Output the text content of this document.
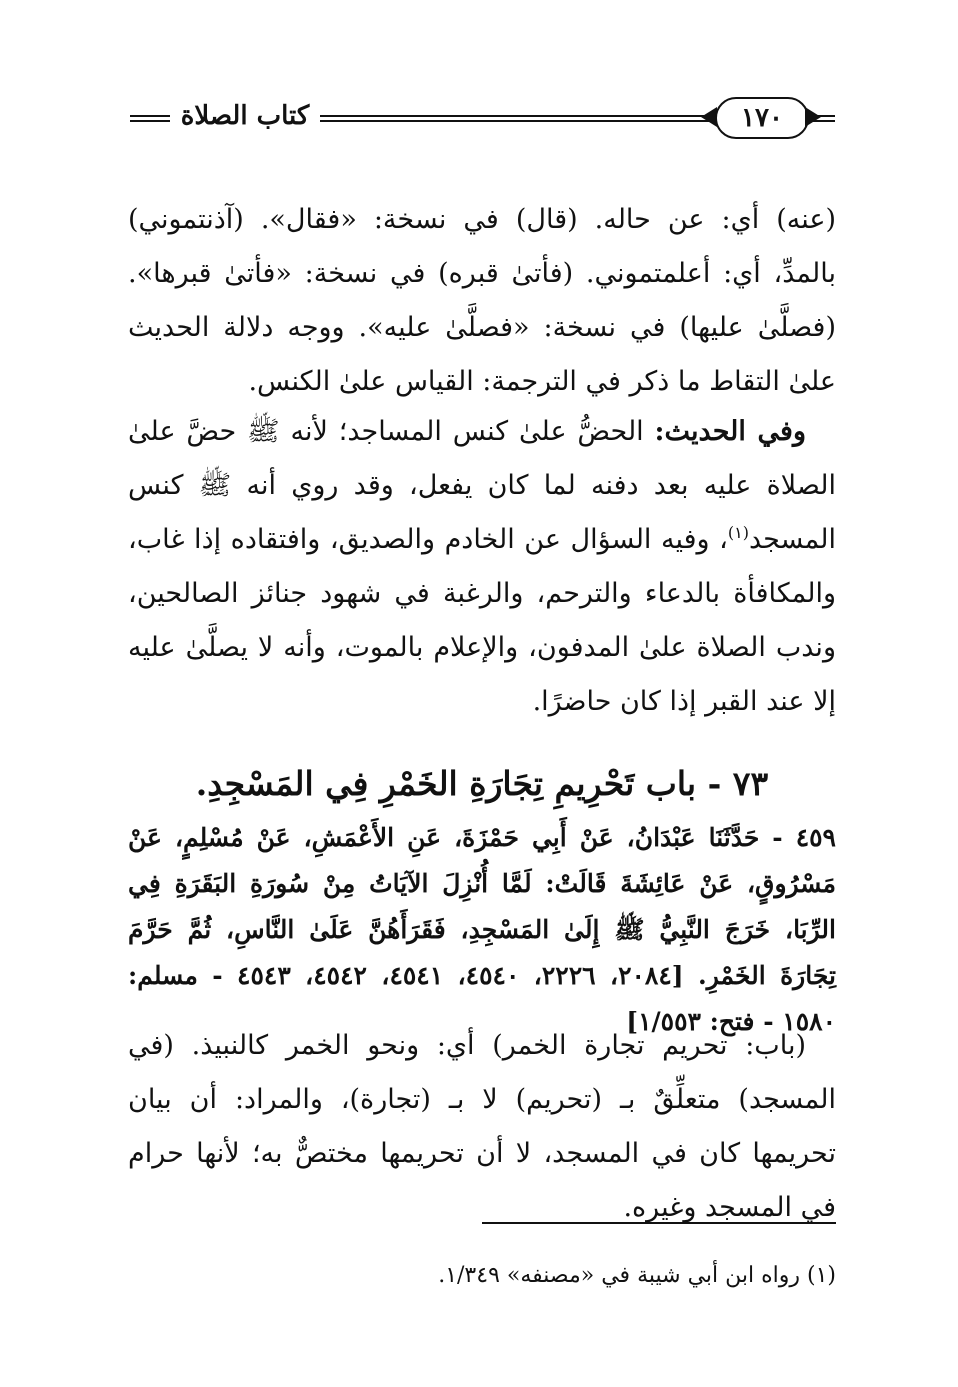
كتاب الصلاة	١٧٠

(عنه) أي: عن حاله. (قال) في نسخة: «فقال». (آذنتموني) بالمدِّ، أي: أعلمتموني. (فأتىٰ قبره) في نسخة: «فأتىٰ قبرها». (فصلَّىٰ عليها) في نسخة: «فصلَّىٰ عليه». ووجه دلالة الحديث علىٰ التقاط ما ذكر في الترجمة: القياس علىٰ الكنس.

وفي الحديث: الحضُّ علىٰ كنس المساجد؛ لأنه ﷺ حضَّ علىٰ الصلاة عليه بعد دفنه لما كان يفعل، وقد روي أنه ﷺ كنس المسجد$^{(١)}$، وفيه السؤال عن الخادم والصديق، وافتقاده إذا غاب، والمكافأة بالدعاء والترحم، والرغبة في شهود جنائز الصالحين، وندب الصلاة علىٰ المدفون، والإعلام بالموت، وأنه لا يصلَّىٰ عليه إلا عند القبر إذا كان حاضرًا.

٧٣ - باب تَحْرِيمِ تِجَارَةِ الخَمْرِ فِي المَسْجِدِ.

٤٥٩ - حَدَّثَنَا عَبْدَانُ، عَنْ أَبِي حَمْزَةَ، عَنِ الأَعْمَشِ، عَنْ مُسْلِمٍ، عَنْ مَسْرُوقٍ، عَنْ عَائِشَةَ قَالَتْ: لَمَّا أُنْزِلَ الآيَاتُ مِنْ سُورَةِ البَقَرَةِ فِي الرِّبَا، خَرَجَ النَّبِيُّ ﷺ إِلَىٰ المَسْجِدِ، فَقَرَأَهُنَّ عَلَىٰ النَّاسِ، ثُمَّ حَرَّمَ تِجَارَةَ الخَمْرِ. [٢٠٨٤، ٢٢٢٦، ٤٥٤٠، ٤٥٤١، ٤٥٤٢، ٤٥٤٣ - مسلم: ١٥٨٠ - فتح: ١/٥٥٣]

(باب: تحريم تجارة الخمر) أي: ونحو الخمر كالنبيذ. (في المسجد) متعلِّقٌ بـ (تحريم) لا بـ (تجارة)، والمراد: أن بيان تحريمها كان في المسجد، لا أن تحريمها مختصٌّ به؛ لأنها حرام في المسجد وغيره.

(١) رواه ابن أبي شيبة في «مصنفه» ١/٣٤٩.
